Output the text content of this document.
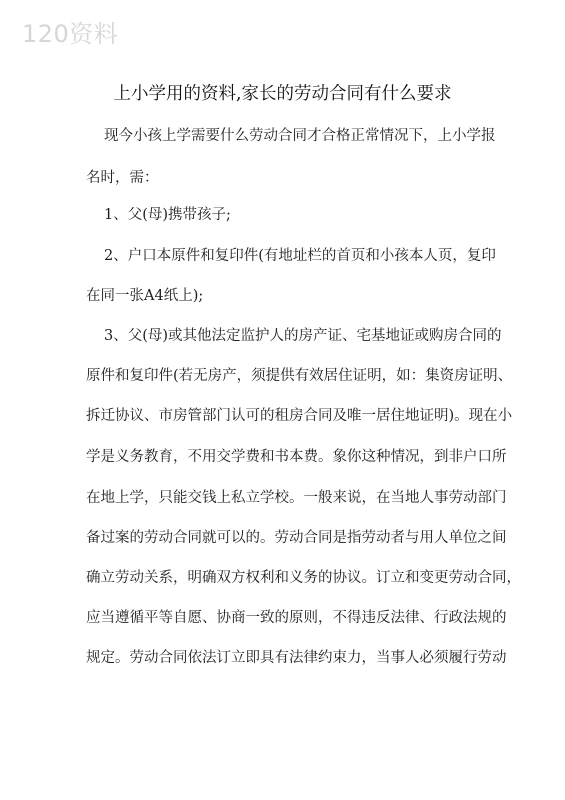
120资料
上小学用的资料,家长的劳动合同有什么要求
现今小孩上学需要什么劳动合同才合格正常情况下，上小学报
名时，需：
1、父(母)携带孩子;
2、户口本原件和复印件(有地址栏的首页和小孩本人页，复印
在同一张A4纸上);
3、父(母)或其他法定监护人的房产证、宅基地证或购房合同的
原件和复印件(若无房产，须提供有效居住证明，如：集资房证明、
拆迁协议、市房管部门认可的租房合同及唯一居住地证明)。现在小
学是义务教育，不用交学费和书本费。象你这种情况，到非户口所
在地上学，只能交钱上私立学校。一般来说，在当地人事劳动部门
备过案的劳动合同就可以的。劳动合同是指劳动者与用人单位之间
确立劳动关系，明确双方权利和义务的协议。订立和变更劳动合同，
应当遵循平等自愿、协商一致的原则，不得违反法律、行政法规的
规定。劳动合同依法订立即具有法律约束力，当事人必须履行劳动
